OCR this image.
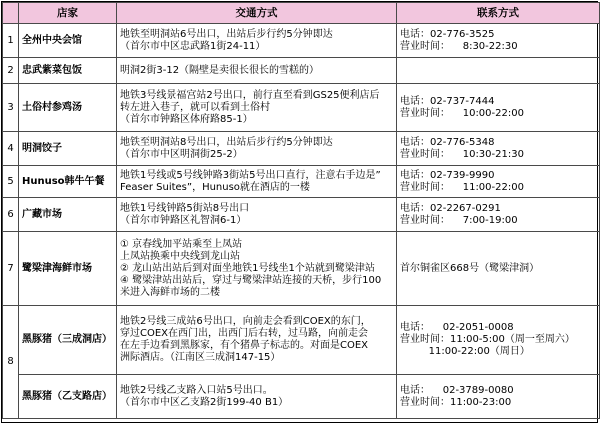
	店家	交通方式	联系方式
1	全州中央会馆	地铁至明洞站6号出口，出站后步行约5分钟即达
（首尔市中区忠武路1街24-11）	电话：02-776-3525
营业时间：    8:30-22:30

2	忠武紫菜包饭	明洞2街3-12（隔壁是卖很长很长的雪糕的）	

3	土俗村参鸡汤	地铁3号线景福宫站2号出口，前行直至看到GS25便利店后
转左进入巷子，就可以看到土俗村
（首尔市钟路区体府路85-1）	电话：02-737-7444
营业时间：    10:00-22:00

4	明洞饺子	地铁至明洞站8号出口，出站后步行约5分钟即达
（首尔市中区明洞街25-2）	电话：02-776-5348
营业时间：    10:30-21:30

5	Hunuso韩牛午餐	地铁1号线或5号线钟路3街站5号出口直行，注意右手边是”
Feaser Suites”，Hunuso就在酒店的一楼	电话：02-739-9990
营业时间：    11:00-22:00

6	广藏市场	地铁1号线钟路5街站8号出口
（首尔市钟路区礼智洞6-1）	电话：02-2267-0291
营业时间：    7:00-19:00

7	鹭梁津海鲜市场	① 京春线加平站乘至上凤站
上凤站换乘中央线到龙山站
② 龙山站出站后到对面坐地铁1号线坐1个站就到鹭梁津站
④ 鹭梁津站出站后，穿过与鹭梁津站连接的天桥，步行100
米进入海鲜市场的二楼	首尔铜雀区668号（鹭梁津洞）

8	黑豚猪（三成洞店）	地铁2号线三成站6号出口，向前走会看到COEX的东门，
穿过COEX在西门出，出西门后右转，过马路，向前走会
在左手边看到黑豚家，有个猪鼻子标志的。对面是COEX
洲际酒店。（江南区三成洞147-15）	电话：    02-2051-0008
营业时间：11:00-5:00（周一至周六）
11:00-22:00（周日）

	黑豚猪（乙支路店）	地铁2号线乙支路入口站5号出口。
（首尔市中区乙支路2街199-40 B1）	电话：    02-3789-0080
营业时间：11:00-23:00
